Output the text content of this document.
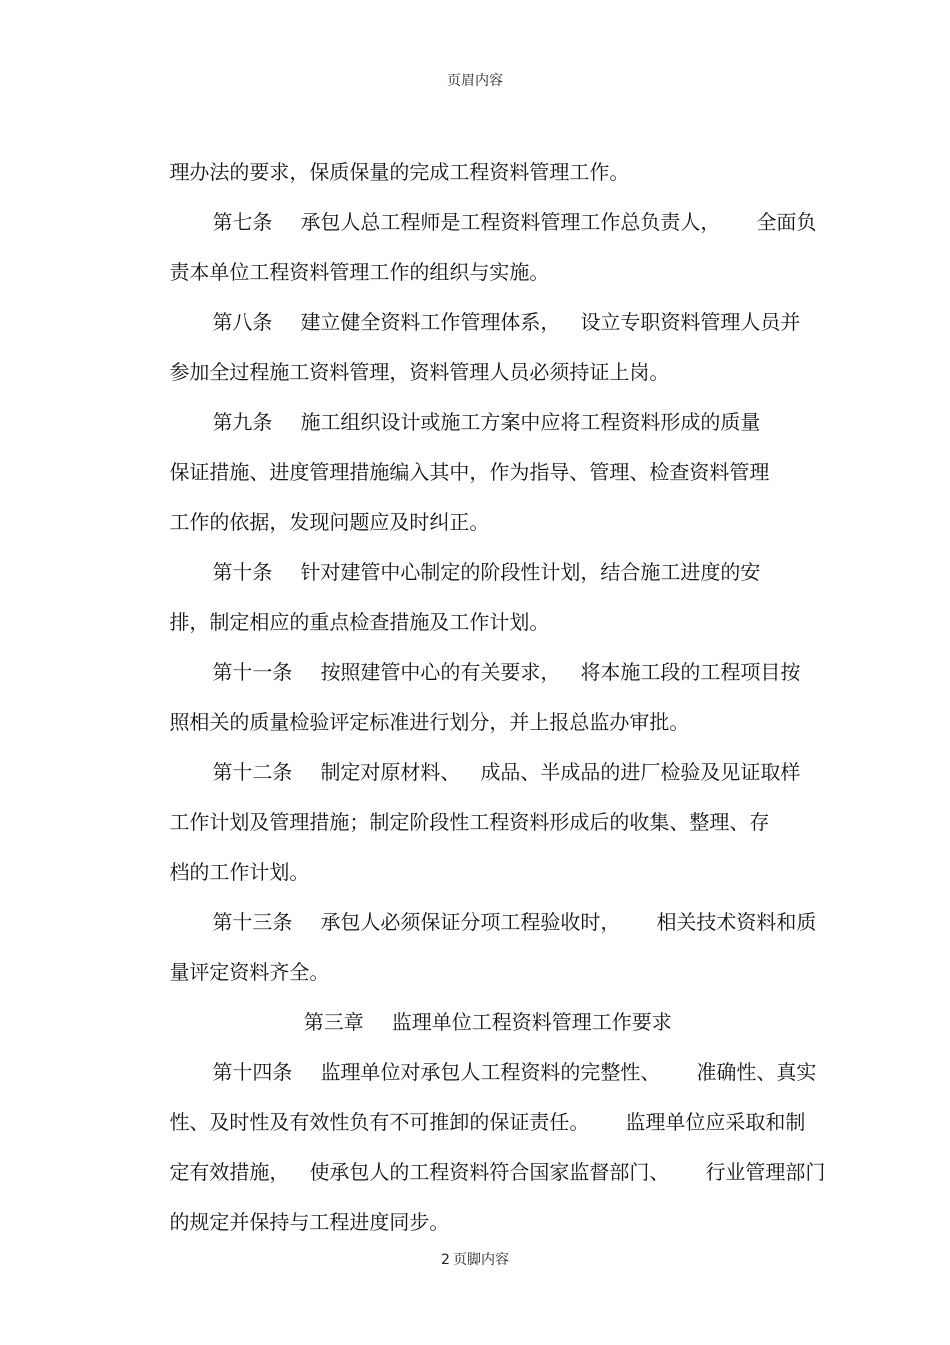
页眉内容

理办法的要求，保质保量的完成工程资料管理工作。

第七条 承包人总工程师是工程资料管理工作总负责人， 全面负

责本单位工程资料管理工作的组织与实施。

第八条 建立健全资料工作管理体系， 设立专职资料管理人员并

参加全过程施工资料管理，资料管理人员必须持证上岗。

第九条 施工组织设计或施工方案中应将工程资料形成的质量

保证措施、进度管理措施编入其中，作为指导、管理、检查资料管理

工作的依据，发现问题应及时纠正。

第十条 针对建管中心制定的阶段性计划，结合施工进度的安

排，制定相应的重点检查措施及工作计划。

第十一条 按照建管中心的有关要求， 将本施工段的工程项目按

照相关的质量检验评定标准进行划分，并上报总监办审批。

第十二条 制定对原材料、 成品、半成品的进厂检验及见证取样

工作计划及管理措施；制定阶段性工程资料形成后的收集、整理、存

档的工作计划。

第十三条 承包人必须保证分项工程验收时， 相关技术资料和质

量评定资料齐全。

第三章 监理单位工程资料管理工作要求

第十四条 监理单位对承包人工程资料的完整性、 准确性、真实

性、及时性及有效性负有不可推卸的保证责任。 监理单位应采取和制

定有效措施， 使承包人的工程资料符合国家监督部门、 行业管理部门

的规定并保持与工程进度同步。

2 页脚内容
